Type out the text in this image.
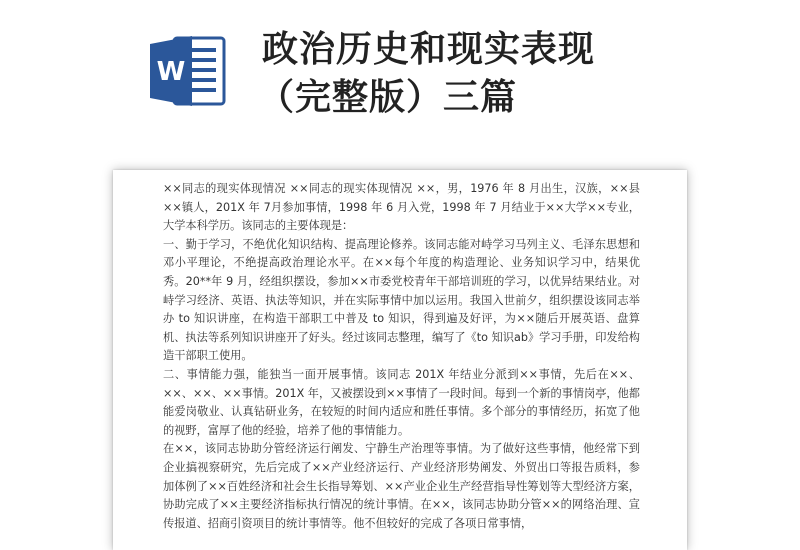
W
政治历史和现实表现
（完整版）三篇

××同志的现实体现情况 ××同志的现实体现情况 ××，男，1976 年 8 月出生，汉族，××县××镇人，201X 年 7月参加事情，1998 年 6 月入党，1998 年 7 月结业于××大学××专业，大学本科学历。该同志的主要体现是：

一、勤于学习，不绝优化知识结构、提高理论修养。该同志能对峙学习马列主义、毛泽东思想和邓小平理论，不绝提高政治理论水平。在××每个年度的构造理论、业务知识学习中，结果优秀。20**年 9 月，经组织摆设，参加××市委党校青年干部培训班的学习，以优异结果结业。对峙学习经济、英语、执法等知识，并在实际事情中加以运用。我国入世前夕，组织摆设该同志举办 to 知识讲座，在构造干部职工中普及 to 知识，得到遍及好评，为××随后开展英语、盘算机、执法等系列知识讲座开了好头。经过该同志整理，编写了《to 知识ab》学习手册，印发给构造干部职工使用。

二、事情能力强，能独当一面开展事情。该同志 201X 年结业分派到××事情，先后在××、××、××、××事情。201X 年，又被摆设到××事情了一段时间。每到一个新的事情岗亭，他都能爱岗敬业、认真钻研业务，在较短的时间内适应和胜任事情。多个部分的事情经历，拓宽了他的视野，富厚了他的经验，培养了他的事情能力。

在××，该同志协助分管经济运行阐发、宁静生产治理等事情。为了做好这些事情，他经常下到企业搞视察研究，先后完成了××产业经济运行、产业经济形势阐发、外贸出口等报告质料，参加体例了××百姓经济和社会生长指导筹划、××产业企业生产经营指导性筹划等大型经济方案，协助完成了××主要经济指标执行情况的统计事情。在××，该同志协助分管××的网络治理、宣传报道、招商引资项目的统计事情等。他不但较好的完成了各项日常事情，
